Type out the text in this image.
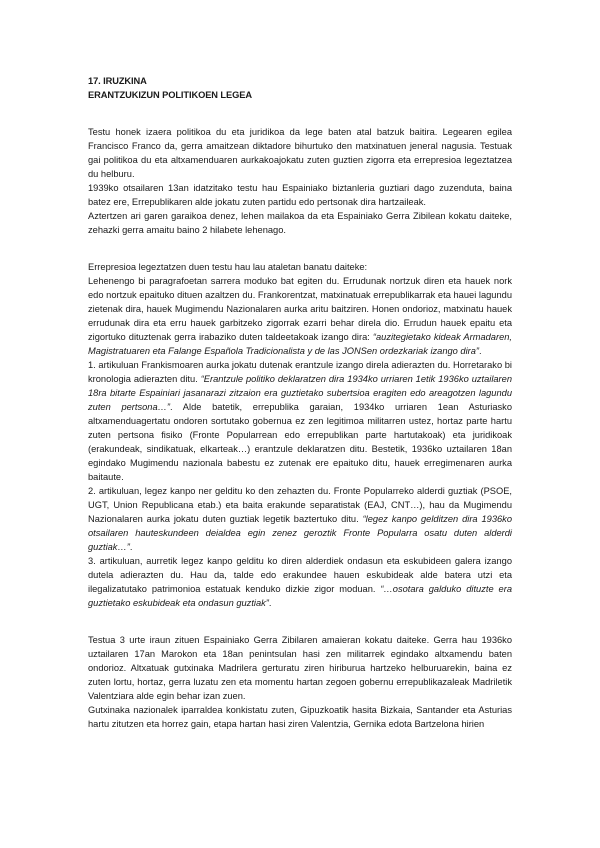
17. IRUZKINA

ERANTZUKIZUN POLITIKOEN LEGEA

Testu honek izaera politikoa du eta juridikoa da lege baten atal batzuk baitira. Legearen egilea Francisco Franco da, gerra amaitzean diktadore bihurtuko den matxinatuen jeneral nagusia. Testuak gai politikoa du eta altxamenduaren aurkakoajokatu zuten guztien zigorra eta errepresioa legeztatzea du helburu.

1939ko otsailaren 13an idatzitako testu hau Espainiako biztanleria guztiari dago zuzenduta, baina batez ere, Errepublikaren alde jokatu zuten partidu edo pertsonak dira hartzaileak.

Aztertzen ari garen garaikoa denez, lehen mailakoa da eta Espainiako Gerra Zibilean kokatu daiteke, zehazki gerra amaitu baino 2 hilabete lehenago.

Errepresioa legeztatzen duen testu hau lau ataletan banatu daiteke:

Lehenengo bi paragrafoetan sarrera moduko bat egiten du. Errudunak nortzuk diren eta hauek nork edo nortzuk epaituko dituen azaltzen du. Frankorentzat, matxinatuak errepublikarrak eta hauei lagundu zietenak dira, hauek Mugimendu Nazionalaren aurka aritu baitziren. Honen ondorioz, matxinatu hauek errudunak dira eta erru hauek garbitzeko zigorrak ezarri behar direla dio. Errudun hauek epaitu eta zigortuko dituztenak gerra irabaziko duten taldeetakoak izango dira: “auzitegietako kideak Armadaren, Magistratuaren eta Falange Española Tradicionalista y de las JONSen ordezkariak izango dira”.

1. artikuluan Frankismoaren aurka jokatu dutenak erantzule izango direla adierazten du. Horretarako bi kronologia adierazten ditu. “Erantzule politiko deklaratzen dira 1934ko urriaren 1etik 1936ko uztailaren 18ra bitarte Espainiari jasanarazi zitzaion era guztietako subertsioa eragiten edo areagotzen lagundu zuten pertsona…”. Alde batetik, errepublika garaian, 1934ko urriaren 1ean Asturiasko altxamenduagertatu ondoren sortutako gobernua ez zen legitimoa militarren ustez, hortaz parte hartu zuten pertsona fisiko (Fronte Popularrean edo errepublikan parte hartutakoak) eta juridikoak (erakundeak, sindikatuak, elkarteak…) erantzule deklaratzen ditu. Bestetik, 1936ko uztailaren 18an egindako Mugimendu nazionala babestu ez zutenak ere epaituko ditu, hauek erregimenaren aurka baitaute.

2. artikuluan, legez kanpo ner gelditu ko den zehazten du. Fronte Popularreko alderdi guztiak (PSOE, UGT, Union Republicana etab.) eta baita erakunde separatistak (EAJ, CNT…), hau da Mugimendu Nazionalaren aurka jokatu duten guztiak legetik baztertuko ditu. “legez kanpo gelditzen dira 1936ko otsailaren hauteskundeen deialdea egin zenez geroztik Fronte Popularra osatu duten alderdi guztiak…”.

3. artikuluan, aurretik legez kanpo gelditu ko diren alderdiek ondasun eta eskubideen galera izango dutela adierazten du. Hau da, talde edo erakundee hauen eskubideak alde batera utzi eta ilegalizatutako patrimonioa estatuak kenduko dizkie zigor moduan. “…osotara galduko dituzte era guztietako eskubideak eta ondasun guztiak”.

Testua 3 urte iraun zituen Espainiako Gerra Zibilaren amaieran kokatu daiteke. Gerra hau 1936ko uztailaren 17an Marokon eta 18an penintsulan hasi zen militarrek egindako altxamendu baten ondorioz. Altxatuak gutxinaka Madrilera gerturatu ziren hiriburua hartzeko helburuarekin, baina ez zuten lortu, hortaz, gerra luzatu zen eta momentu hartan zegoen gobernu errepublikazaleak Madriletik Valentziara alde egin behar izan zuen.

Gutxinaka nazionalek iparraldea konkistatu zuten, Gipuzkoatik hasita Bizkaia, Santander eta Asturias hartu zitutzen eta horrez gain, etapa hartan hasi ziren Valentzia, Gernika edota Bartzelona hirien
